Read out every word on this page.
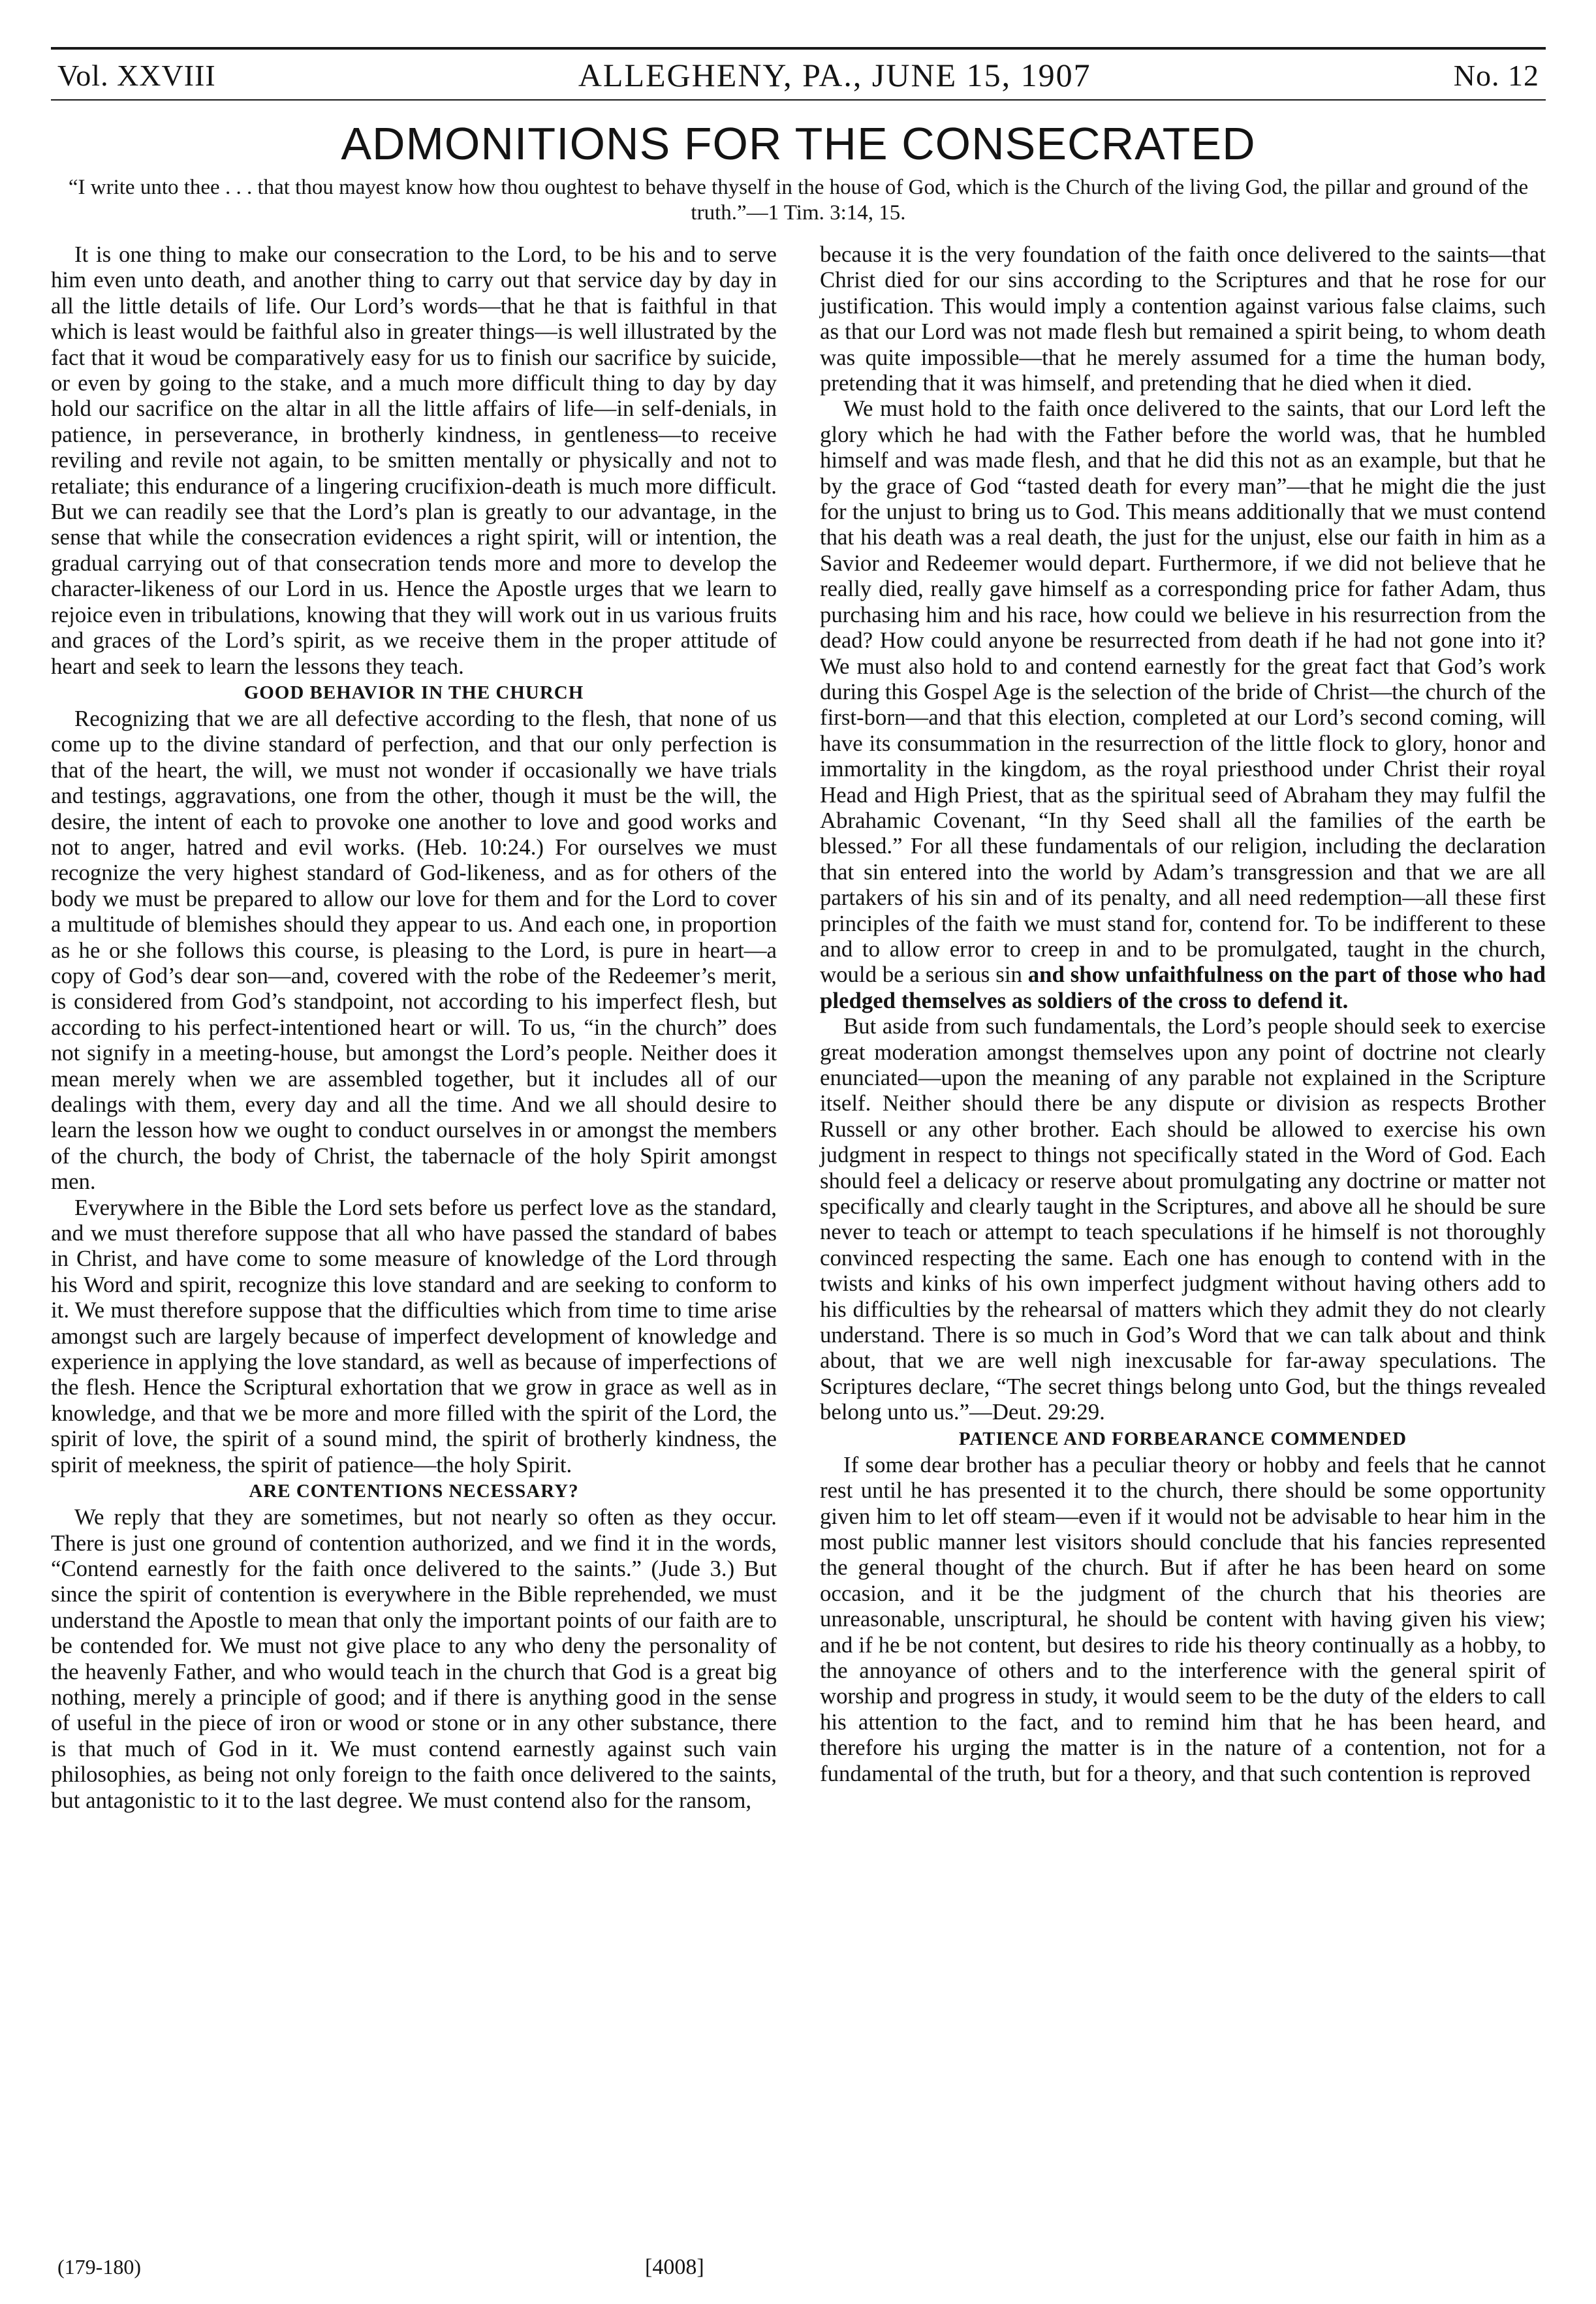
Vol. XXVIII	ALLEGHENY, PA., JUNE 15, 1907	No. 12
ADMONITIONS FOR THE CONSECRATED
“I write unto thee . . . that thou mayest know how thou oughtest to behave thyself in the house of God, which is the Church of the living God, the pillar and ground of the truth.”—1 Tim. 3:14, 15.

It is one thing to make our consecration to the Lord, to be his and to serve him even unto death, and another thing to carry out that service day by day in all the little details of life. Our Lord’s words—that he that is faithful in that which is least would be faithful also in greater things—is well illustrated by the fact that it woud be comparatively easy for us to finish our sacrifice by suicide, or even by going to the stake, and a much more difficult thing to day by day hold our sacrifice on the altar in all the little affairs of life—in self-denials, in patience, in perseverance, in brotherly kindness, in gentleness—to receive reviling and revile not again, to be smitten mentally or physically and not to retaliate; this endurance of a lingering crucifixion-death is much more difficult. But we can readily see that the Lord’s plan is greatly to our advantage, in the sense that while the consecration evidences a right spirit, will or intention, the gradual carrying out of that consecration tends more and more to develop the character-likeness of our Lord in us. Hence the Apostle urges that we learn to rejoice even in tribulations, knowing that they will work out in us various fruits and graces of the Lord’s spirit, as we receive them in the proper attitude of heart and seek to learn the lessons they teach.

GOOD BEHAVIOR IN THE CHURCH

Recognizing that we are all defective according to the flesh, that none of us come up to the divine standard of perfection, and that our only perfection is that of the heart, the will, we must not wonder if occasionally we have trials and testings, aggravations, one from the other, though it must be the will, the desire, the intent of each to provoke one another to love and good works and not to anger, hatred and evil works. (Heb. 10:24.) For ourselves we must recognize the very highest standard of God-likeness, and as for others of the body we must be prepared to allow our love for them and for the Lord to cover a multitude of blemishes should they appear to us. And each one, in proportion as he or she follows this course, is pleasing to the Lord, is pure in heart—a copy of God’s dear son—and, covered with the robe of the Redeemer’s merit, is considered from God’s standpoint, not according to his imperfect flesh, but according to his perfect-intentioned heart or will. To us, “in the church” does not signify in a meeting-house, but amongst the Lord’s people. Neither does it mean merely when we are assembled together, but it includes all of our dealings with them, every day and all the time. And we all should desire to learn the lesson how we ought to conduct ourselves in or amongst the members of the church, the body of Christ, the tabernacle of the holy Spirit amongst men.

Everywhere in the Bible the Lord sets before us perfect love as the standard, and we must therefore suppose that all who have passed the standard of babes in Christ, and have come to some measure of knowledge of the Lord through his Word and spirit, recognize this love standard and are seeking to conform to it. We must therefore suppose that the difficulties which from time to time arise amongst such are largely because of imperfect development of knowledge and experience in applying the love standard, as well as because of imperfections of the flesh. Hence the Scriptural exhortation that we grow in grace as well as in knowledge, and that we be more and more filled with the spirit of the Lord, the spirit of love, the spirit of a sound mind, the spirit of brotherly kindness, the spirit of meekness, the spirit of patience—the holy Spirit.

ARE CONTENTIONS NECESSARY?

We reply that they are sometimes, but not nearly so often as they occur. There is just one ground of contention authorized, and we find it in the words, “Contend earnestly for the faith once delivered to the saints.” (Jude 3.) But since the spirit of contention is everywhere in the Bible reprehended, we must understand the Apostle to mean that only the important points of our faith are to be contended for. We must not give place to any who deny the personality of the heavenly Father, and who would teach in the church that God is a great big nothing, merely a principle of good; and if there is anything good in the sense of useful in the piece of iron or wood or stone or in any other substance, there is that much of God in it. We must contend earnestly against such vain philosophies, as being not only foreign to the faith once delivered to the saints, but antagonistic to it to the last degree. We must contend also for the ransom,

because it is the very foundation of the faith once delivered to the saints—that Christ died for our sins according to the Scriptures and that he rose for our justification. This would imply a contention against various false claims, such as that our Lord was not made flesh but remained a spirit being, to whom death was quite impossible—that he merely assumed for a time the human body, pretending that it was himself, and pretending that he died when it died.

We must hold to the faith once delivered to the saints, that our Lord left the glory which he had with the Father before the world was, that he humbled himself and was made flesh, and that he did this not as an example, but that he by the grace of God “tasted death for every man”—that he might die the just for the unjust to bring us to God. This means additionally that we must contend that his death was a real death, the just for the unjust, else our faith in him as a Savior and Redeemer would depart. Furthermore, if we did not believe that he really died, really gave himself as a corresponding price for father Adam, thus purchasing him and his race, how could we believe in his resurrection from the dead? How could anyone be resurrected from death if he had not gone into it? We must also hold to and contend earnestly for the great fact that God’s work during this Gospel Age is the selection of the bride of Christ—the church of the first-born—and that this election, completed at our Lord’s second coming, will have its consummation in the resurrection of the little flock to glory, honor and immortality in the kingdom, as the royal priesthood under Christ their royal Head and High Priest, that as the spiritual seed of Abraham they may fulfil the Abrahamic Covenant, “In thy Seed shall all the families of the earth be blessed.” For all these fundamentals of our religion, including the declaration that sin entered into the world by Adam’s transgression and that we are all partakers of his sin and of its penalty, and all need redemption—all these first principles of the faith we must stand for, contend for. To be indifferent to these and to allow error to creep in and to be promulgated, taught in the church, would be a serious sin and show unfaithfulness on the part of those who had pledged themselves as soldiers of the cross to defend it.

But aside from such fundamentals, the Lord’s people should seek to exercise great moderation amongst themselves upon any point of doctrine not clearly enunciated—upon the meaning of any parable not explained in the Scripture itself. Neither should there be any dispute or division as respects Brother Russell or any other brother. Each should be allowed to exercise his own judgment in respect to things not specifically stated in the Word of God. Each should feel a delicacy or reserve about promulgating any doctrine or matter not specifically and clearly taught in the Scriptures, and above all he should be sure never to teach or attempt to teach speculations if he himself is not thoroughly convinced respecting the same. Each one has enough to contend with in the twists and kinks of his own imperfect judgment without having others add to his difficulties by the rehearsal of matters which they admit they do not clearly understand. There is so much in God’s Word that we can talk about and think about, that we are well nigh inexcusable for far-away speculations. The Scriptures declare, “The secret things belong unto God, but the things revealed belong unto us.”—Deut. 29:29.

PATIENCE AND FORBEARANCE COMMENDED

If some dear brother has a peculiar theory or hobby and feels that he cannot rest until he has presented it to the church, there should be some opportunity given him to let off steam—even if it would not be advisable to hear him in the most public manner lest visitors should conclude that his fancies represented the general thought of the church. But if after he has been heard on some occasion, and it be the judgment of the church that his theories are unreasonable, unscriptural, he should be content with having given his view; and if he be not content, but desires to ride his theory continually as a hobby, to the annoyance of others and to the interference with the general spirit of worship and progress in study, it would seem to be the duty of the elders to call his attention to the fact, and to remind him that he has been heard, and therefore his urging the matter is in the nature of a contention, not for a fundamental of the truth, but for a theory, and that such contention is reproved

(179-180)	[4008]
